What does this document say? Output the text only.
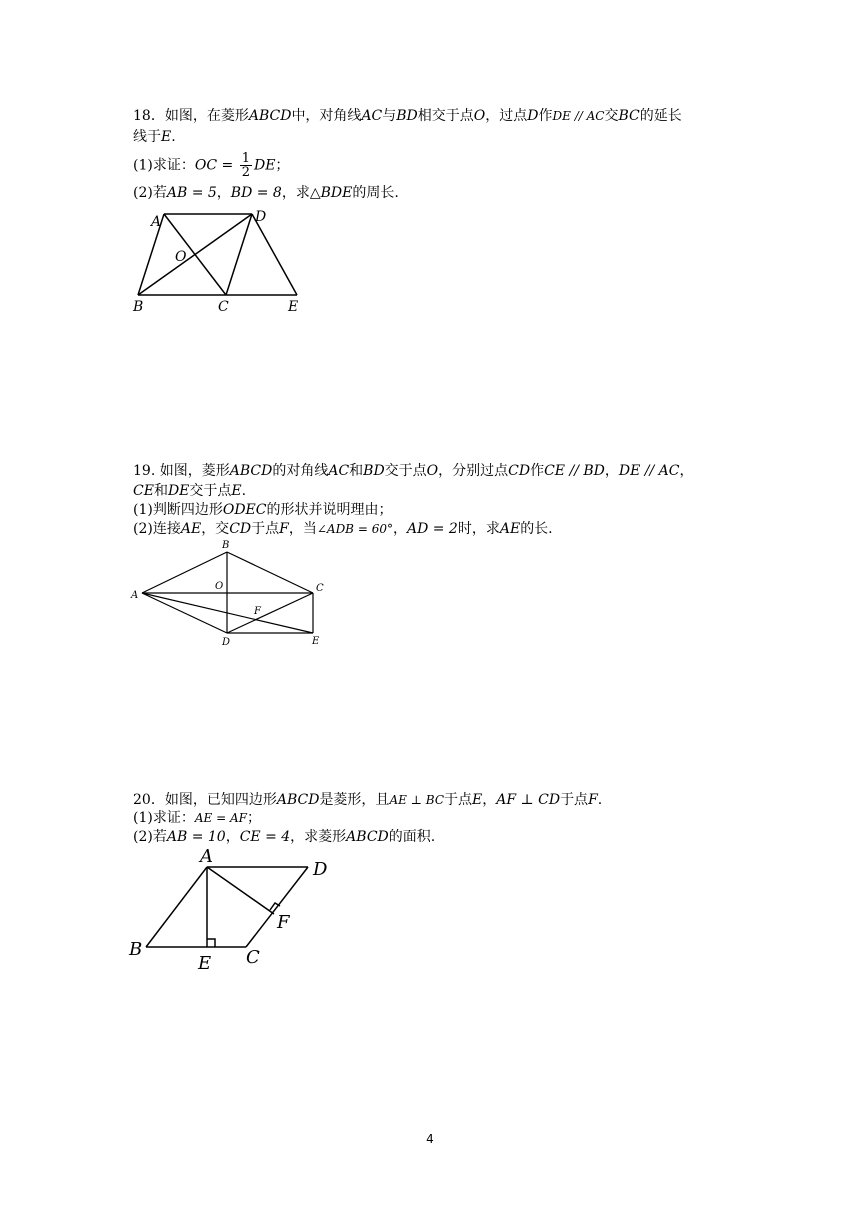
18．如图，在菱形ABCD中，对角线AC与BD相交于点O，过点D作DE // AC交BC的延长
线于E.
(1)求证：OC = $\frac{1}{2}$ DE；
(2)若AB = 5，BD = 8，求△BDE的周长.
A	D
O
B	C	E
19. 如图，菱形ABCD的对角线AC和BD交于点O，分别过点CD作CE // BD，DE // AC，
CE和DE交于点E.
(1)判断四边形ODEC的形状并说明理由；
(2)连接AE，交CD于点F，当∠ADB = 60°，AD = 2时，求AE的长.
B
A
O	C
F
D	E
20．如图，已知四边形ABCD是菱形，且AE ⊥ BC于点E，AF ⊥ CD于点F.
(1)求证：AE = AF；
(2)若AB = 10，CE = 4，求菱形ABCD的面积.
A
D
F
B
E C
4
